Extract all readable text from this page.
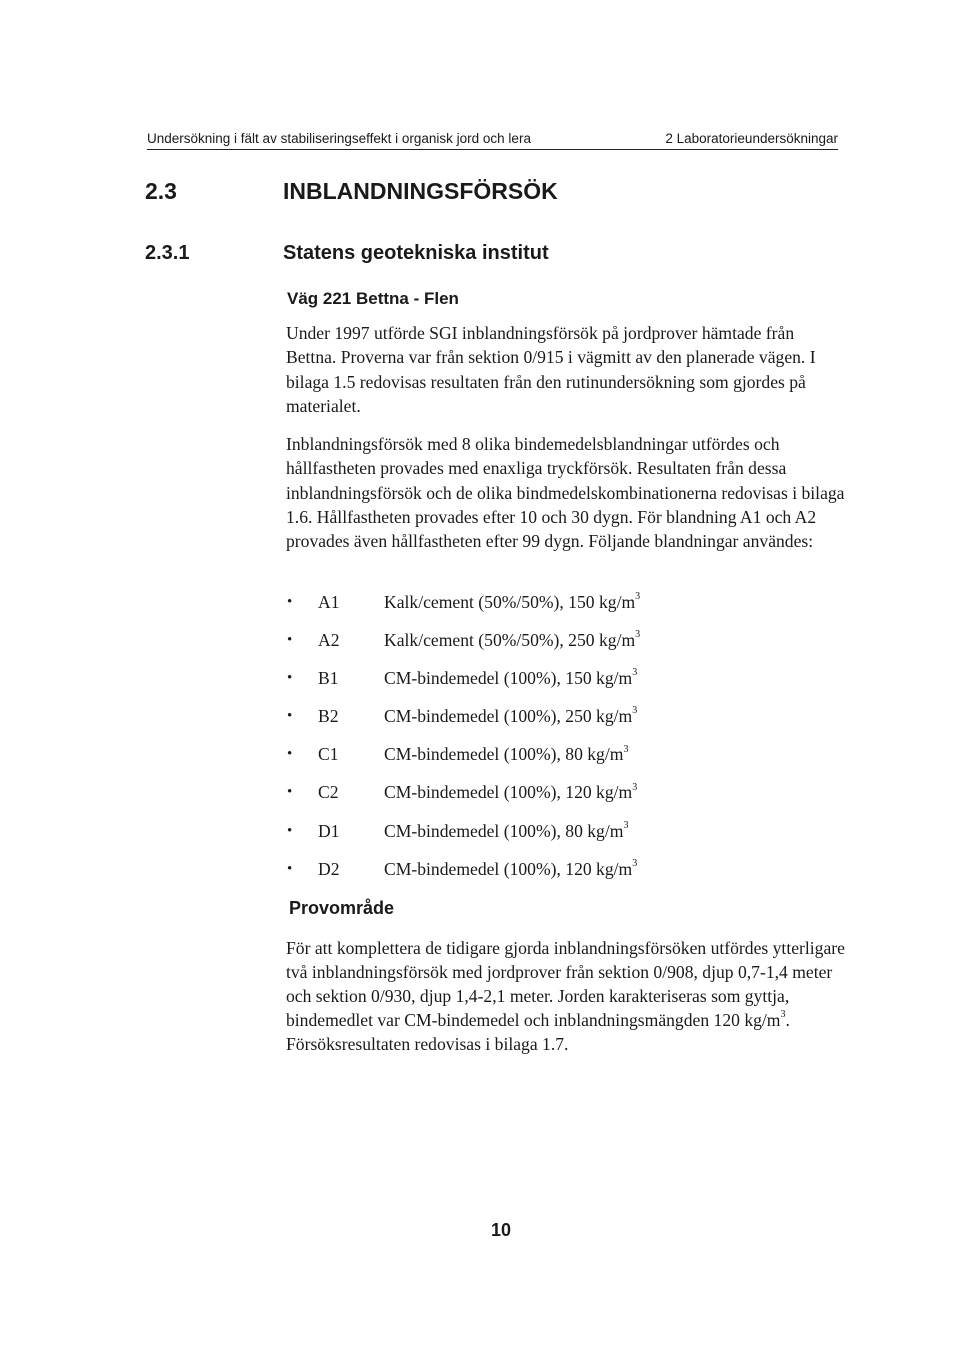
Undersökning i fält av stabiliseringseffekt i organisk jord och lera	2 Laboratorieundersökningar
2.3	INBLANDNINGSFÖRSÖK
2.3.1	Statens geotekniska institut
Väg 221 Bettna - Flen

Under 1997 utförde SGI inblandningsförsök på jordprover hämtade från Bettna. Proverna var från sektion 0/915 i vägmitt av den planerade vägen. I bilaga 1.5 redovisas resultaten från den rutinundersökning som gjordes på materialet.

Inblandningsförsök med 8 olika bindemedelsblandningar utfördes och hållfastheten provades med enaxliga tryckförsök. Resultaten från dessa inblandningsförsök och de olika bindmedelskombinationerna redovisas i bilaga 1.6. Hållfastheten provades efter 10 och 30 dygn. För blandning A1 och A2 provades även hållfastheten efter 99 dygn. Följande blandningar användes:

• A1	Kalk/cement (50%/50%), 150 $kg/m^3$
• A2	Kalk/cement (50%/50%), 250 $kg/m^3$
• B1	CM-bindemedel (100%), 150 $kg/m^3$
• B2	CM-bindemedel (100%), 250 $kg/m^3$
• C1	CM-bindemedel (100%), 80 $kg/m^3$
• C2	CM-bindemedel (100%), 120 $kg/m^3$
• D1	CM-bindemedel (100%), 80 $kg/m^3$
• D2	CM-bindemedel (100%), 120 $kg/m^3$
Provområde

För att komplettera de tidigare gjorda inblandningsförsöken utfördes ytterligare två inblandningsförsök med jordprover från sektion 0/908, djup 0,7-1,4 meter och sektion 0/930, djup 1,4-2,1 meter. Jorden karakteriseras som gyttja, bindemedlet var CM-bindemedel och inblandningsmängden 120 $kg/m^3$. Försöksresultaten redovisas i bilaga 1.7.

10
